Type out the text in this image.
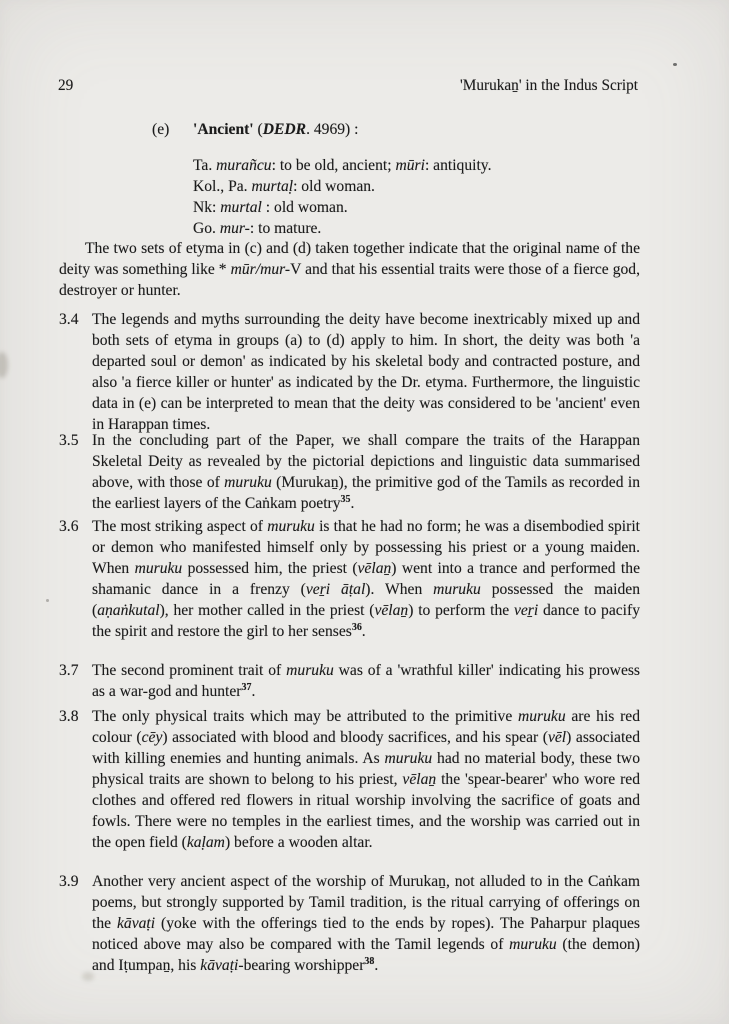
29	'Murukaṉ' in the Indus Script
(e) 'Ancient' (DEDR. 4969) :
Ta. murañcu: to be old, ancient; mūri: antiquity.
Kol., Pa. murtaḷ: old woman.
Nk: murtal : old woman.
Go. mur-: to mature.

The two sets of etyma in (c) and (d) taken together indicate that the original name of the deity was something like * mūr/mur-V and that his essential traits were those of a fierce god, destroyer or hunter.

3.4 The legends and myths surrounding the deity have become inextricably mixed up and both sets of etyma in groups (a) to (d) apply to him. In short, the deity was both 'a departed soul or demon' as indicated by his skeletal body and contracted posture, and also 'a fierce killer or hunter' as indicated by the Dr. etyma. Furthermore, the linguistic data in (e) can be interpreted to mean that the deity was considered to be 'ancient' even in Harappan times.
3.5 In the concluding part of the Paper, we shall compare the traits of the Harappan Skeletal Deity as revealed by the pictorial depictions and linguistic data summarised above, with those of muruku (Murukaṉ), the primitive god of the Tamils as recorded in the earliest layers of the Caṅkam poetry$^{35}$.
3.6 The most striking aspect of muruku is that he had no form; he was a disembodied spirit or demon who manifested himself only by possessing his priest or a young maiden. When muruku possessed him, the priest (vēlaṉ) went into a trance and performed the shamanic dance in a frenzy (veṟi āṭal). When muruku possessed the maiden (aṇaṅkutal), her mother called in the priest (vēlaṉ) to perform the veṟi dance to pacify the spirit and restore the girl to her senses$^{36}$.
3.7 The second prominent trait of muruku was of a 'wrathful killer' indicating his prowess as a war-god and hunter$^{37}$.
3.8 The only physical traits which may be attributed to the primitive muruku are his red colour (cēy) associated with blood and bloody sacrifices, and his spear (vēl) associated with killing enemies and hunting animals. As muruku had no material body, these two physical traits are shown to belong to his priest, vēlaṉ the 'spear-bearer' who wore red clothes and offered red flowers in ritual worship involving the sacrifice of goats and fowls. There were no temples in the earliest times, and the worship was carried out in the open field (kaḷam) before a wooden altar.
3.9 Another very ancient aspect of the worship of Murukaṉ, not alluded to in the Caṅkam poems, but strongly supported by Tamil tradition, is the ritual carrying of offerings on the kāvaṭi (yoke with the offerings tied to the ends by ropes). The Paharpur plaques noticed above may also be compared with the Tamil legends of muruku (the demon) and Iṭumpaṉ, his kāvaṭi-bearing worshipper$^{38}$.
